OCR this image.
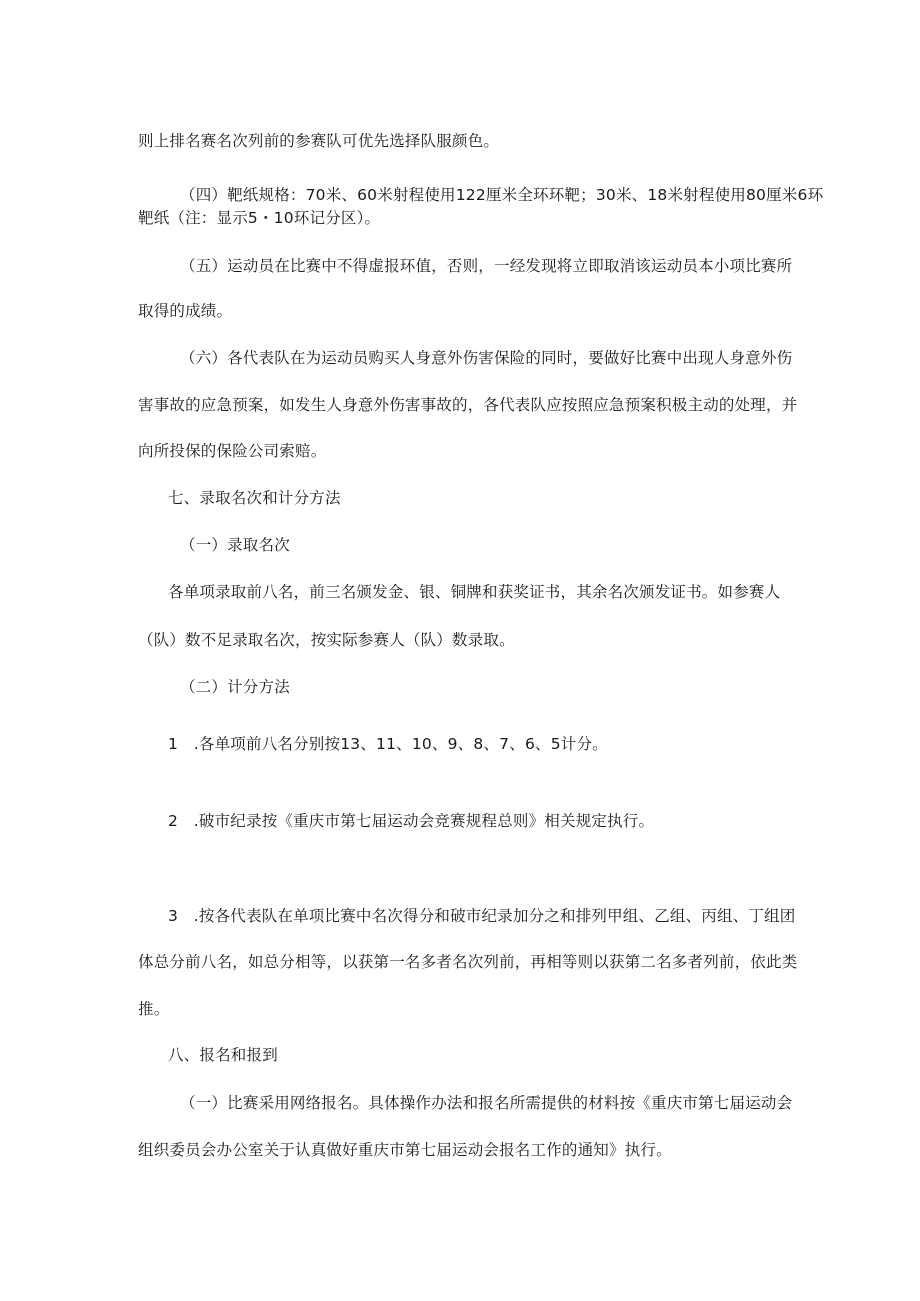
则上排名赛名次列前的参赛队可优先选择队服颜色。
（四）靶纸规格：70米、60米射程使用122厘米全环环靶；30米、18米射程使用80厘米6环
靶纸（注：显示5・10环记分区）。
（五）运动员在比赛中不得虚报环值，否则，一经发现将立即取消该运动员本小项比赛所
取得的成绩。
（六）各代表队在为运动员购买人身意外伤害保险的同时，要做好比赛中出现人身意外伤
害事故的应急预案，如发生人身意外伤害事故的，各代表队应按照应急预案积极主动的处理，并
向所投保的保险公司索赔。
七、录取名次和计分方法
（一）录取名次
各单项录取前八名，前三名颁发金、银、铜牌和获奖证书，其余名次颁发证书。如参赛人
（队）数不足录取名次，按实际参赛人（队）数录取。
（二）计分方法
1　.各单项前八名分别按13、11、10、9、8、7、6、5计分。
2　.破市纪录按《重庆市第七届运动会竞赛规程总则》相关规定执行。
3　.按各代表队在单项比赛中名次得分和破市纪录加分之和排列甲组、乙组、丙组、丁组团
体总分前八名，如总分相等，以获第一名多者名次列前，再相等则以获第二名多者列前，依此类
推。
八、报名和报到
（一）比赛采用网络报名。具体操作办法和报名所需提供的材料按《重庆市第七届运动会
组织委员会办公室关于认真做好重庆市第七届运动会报名工作的通知》执行。
